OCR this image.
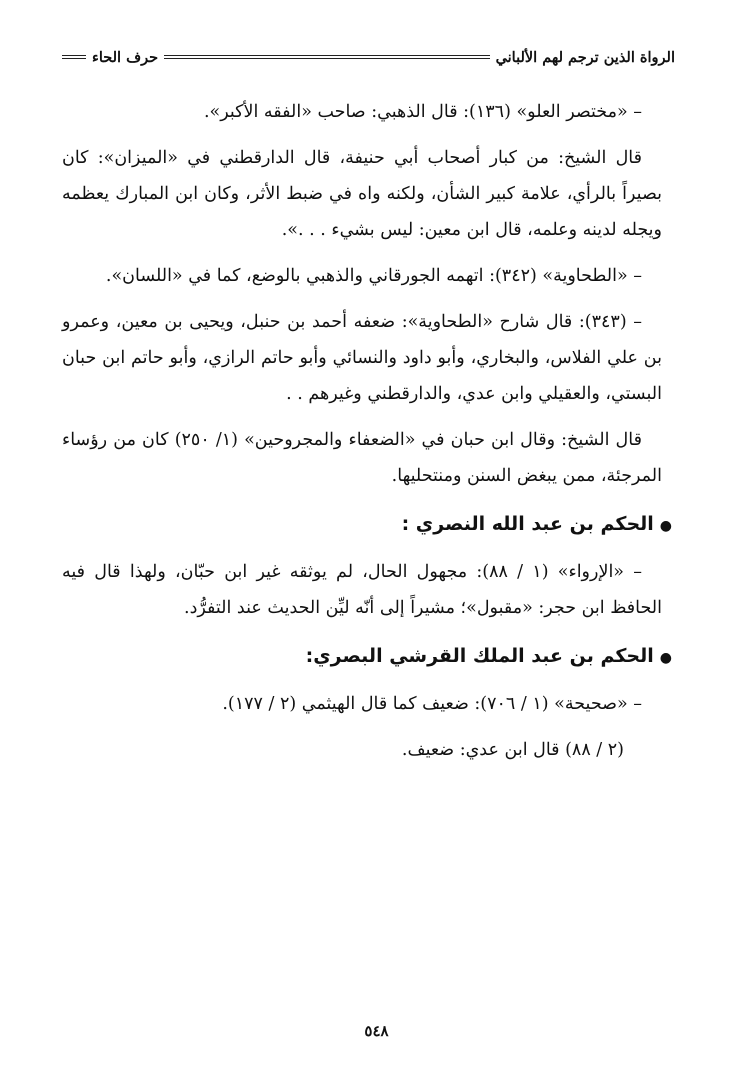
الرواة الذين ترجم لهم الألباني
حرف الحاء

– «مختصر العلو» (١٣٦): قال الذهبي: صاحب «الفقه الأكبر».

قال الشيخ: من كبار أصحاب أبي حنيفة، قال الدارقطني في «الميزان»: كان بصيراً بالرأي، علامة كبير الشأن، ولكنه واه في ضبط الأثر، وكان ابن المبارك يعظمه ويجله لدينه وعلمه، قال ابن معين: ليس بشيء . . .».

– «الطحاوية» (٣٤٢): اتهمه الجورقاني والذهبي بالوضع، كما في «اللسان».

– (٣٤٣): قال شارح «الطحاوية»: ضعفه أحمد بن حنبل، ويحيى بن معين، وعمرو بن علي الفلاس، والبخاري، وأبو داود والنسائي وأبو حاتم الرازي، وأبو حاتم ابن حبان البستي، والعقيلي وابن عدي، والدارقطني وغيرهم . .

قال الشيخ: وقال ابن حبان في «الضعفاء والمجروحين» (١/ ٢٥٠) كان من رؤساء المرجئة، ممن يبغض السنن ومنتحليها.

●الحكم بن عبد الله النصري :

– «الإرواء» (١ / ٨٨): مجهول الحال، لم يوثقه غير ابن حبّان، ولهذا قال فيه الحافظ ابن حجر: «مقبول»؛ مشيراً إلى أنّه ليِّن الحديث عند التفرُّد.

●الحكم بن عبد الملك القرشي البصري:

– «صحيحة» (١ / ٧٠٦): ضعيف كما قال الهيثمي (٢ / ١٧٧).

(٢ / ٨٨) قال ابن عدي: ضعيف.

٥٤٨
